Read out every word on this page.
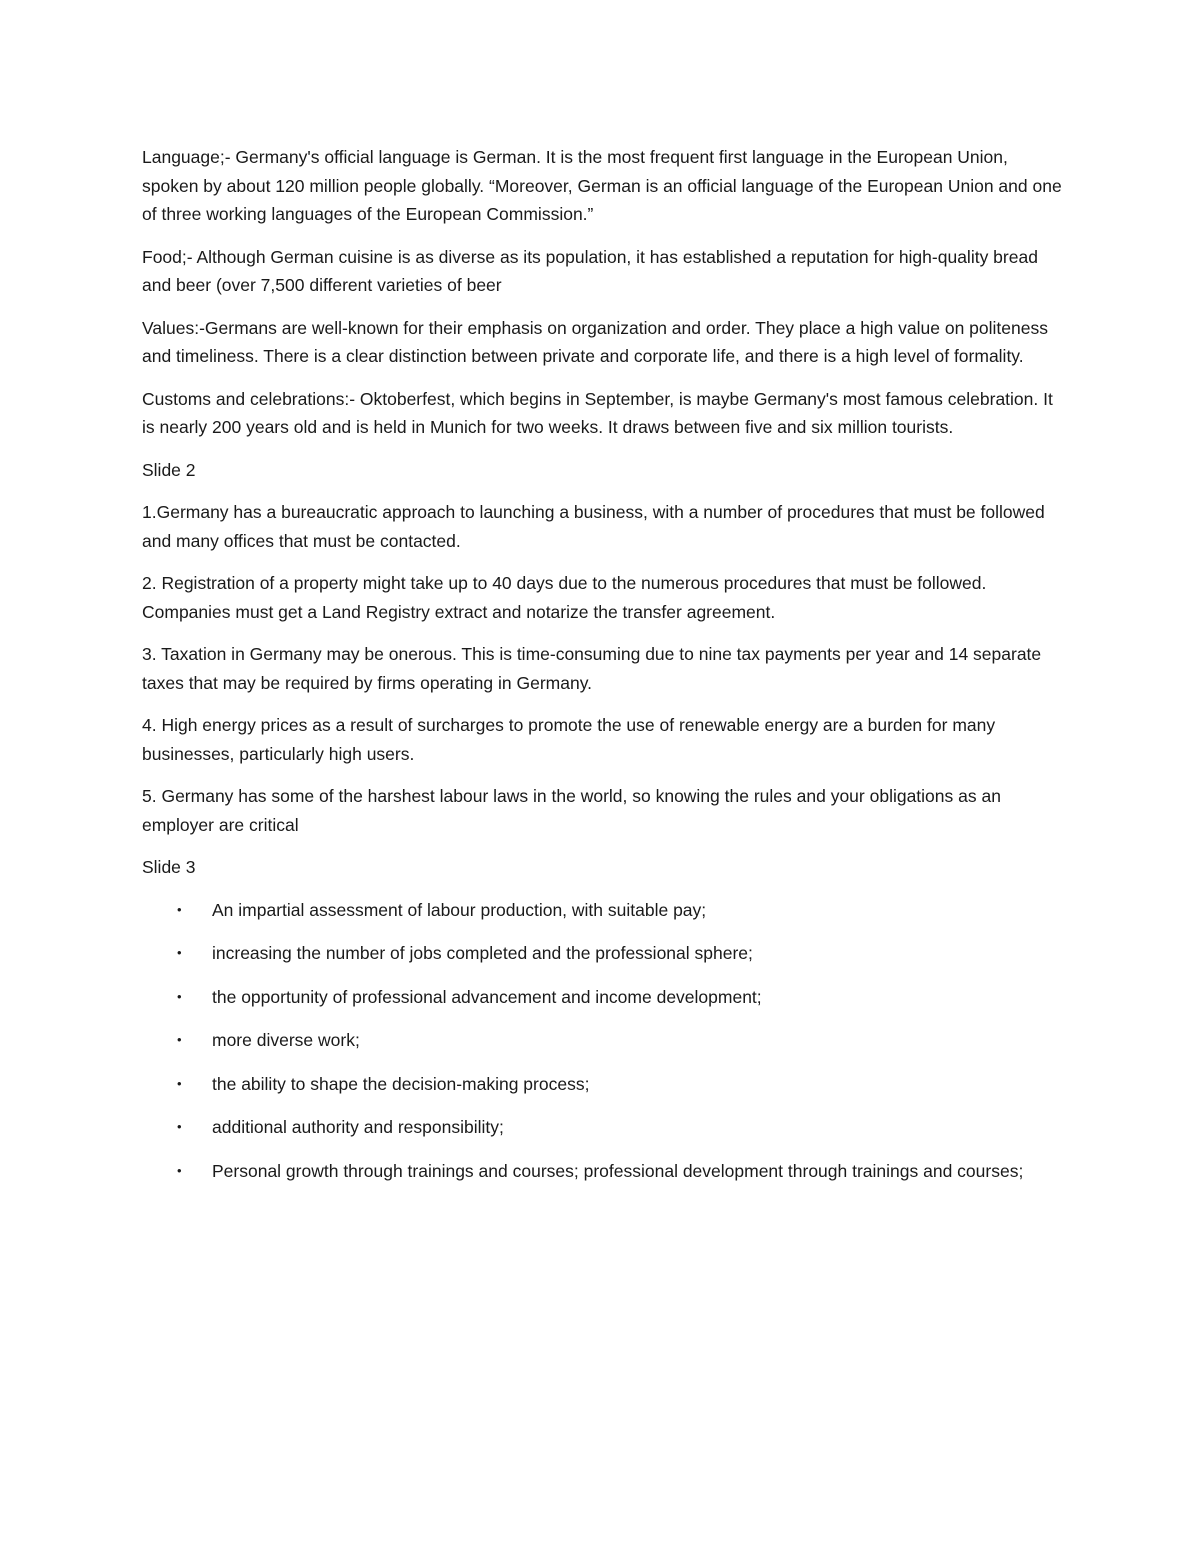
Language;- Germany's official language is German. It is the most frequent first language in the European Union, spoken by about 120 million people globally. “Moreover, German is an official language of the European Union and one of three working languages of the European Commission.”

Food;- Although German cuisine is as diverse as its population, it has established a reputation for high-quality bread and beer (over 7,500 different varieties of beer

Values:-Germans are well-known for their emphasis on organization and order. They place a high value on politeness and timeliness. There is a clear distinction between private and corporate life, and there is a high level of formality.

Customs and celebrations:- Oktoberfest, which begins in September, is maybe Germany's most famous celebration. It is nearly 200 years old and is held in Munich for two weeks. It draws between five and six million tourists.

Slide 2

1.Germany has a bureaucratic approach to launching a business, with a number of procedures that must be followed and many offices that must be contacted.

2. Registration of a property might take up to 40 days due to the numerous procedures that must be followed. Companies must get a Land Registry extract and notarize the transfer agreement.

3. Taxation in Germany may be onerous. This is time-consuming due to nine tax payments per year and 14 separate taxes that may be required by firms operating in Germany.

4. High energy prices as a result of surcharges to promote the use of renewable energy are a burden for many businesses, particularly high users.

5. Germany has some of the harshest labour laws in the world, so knowing the rules and your obligations as an employer are critical

Slide 3

• An impartial assessment of labour production, with suitable pay;
• increasing the number of jobs completed and the professional sphere;
• the opportunity of professional advancement and income development;
• more diverse work;
• the ability to shape the decision-making process;
• additional authority and responsibility;
• Personal growth through trainings and courses; professional development through trainings and courses;
